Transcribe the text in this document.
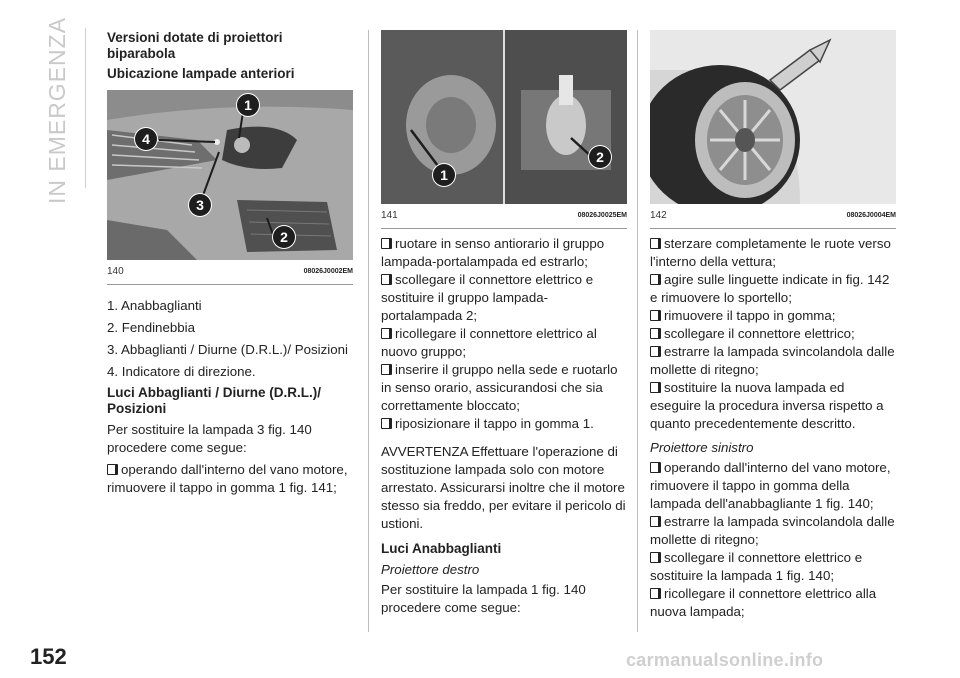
IN EMERGENZA
152
Versioni dotate di proiettori biparabola
Ubicazione lampade anteriori
1
2
3
4
140	08026J0002EM

1. Anabbaglianti

2. Fendinebbia

3. Abbaglianti / Diurne (D.R.L.)/ Posizioni

4. Indicatore di direzione.

Luci Abbaglianti / Diurne (D.R.L.)/ Posizioni

Per sostituire la lampada 3 fig. 140 procedere come segue:

operando dall'interno del vano motore, rimuovere il tappo in gomma 1 fig. 141;

1
2
141	08026J0025EM

ruotare in senso antiorario il gruppo lampada-portalampada ed estrarlo;

scollegare il connettore elettrico e sostituire il gruppo lampada-portalampada 2;

ricollegare il connettore elettrico al nuovo gruppo;

inserire il gruppo nella sede e ruotarlo in senso orario, assicurandosi che sia correttamente bloccato;

riposizionare il tappo in gomma 1.

AVVERTENZA Effettuare l'operazione di sostituzione lampada solo con motore arrestato. Assicurarsi inoltre che il motore stesso sia freddo, per evitare il pericolo di ustioni.

Luci Anabbaglianti
Proiettore destro

Per sostituire la lampada 1 fig. 140 procedere come segue:

142	08026J0004EM

sterzare completamente le ruote verso l'interno della vettura;

agire sulle linguette indicate in fig. 142 e rimuovere lo sportello;

rimuovere il tappo in gomma;

scollegare il connettore elettrico;

estrarre la lampada svincolandola dalle mollette di ritegno;

sostituire la nuova lampada ed eseguire la procedura inversa rispetto a quanto precedentemente descritto.

Proiettore sinistro

operando dall'interno del vano motore, rimuovere il tappo in gomma della lampada dell'anabbagliante 1 fig. 140;

estrarre la lampada svincolandola dalle mollette di ritegno;

scollegare il connettore elettrico e sostituire la lampada 1 fig. 140;

ricollegare il connettore elettrico alla nuova lampada;

carmanualsonline.info
